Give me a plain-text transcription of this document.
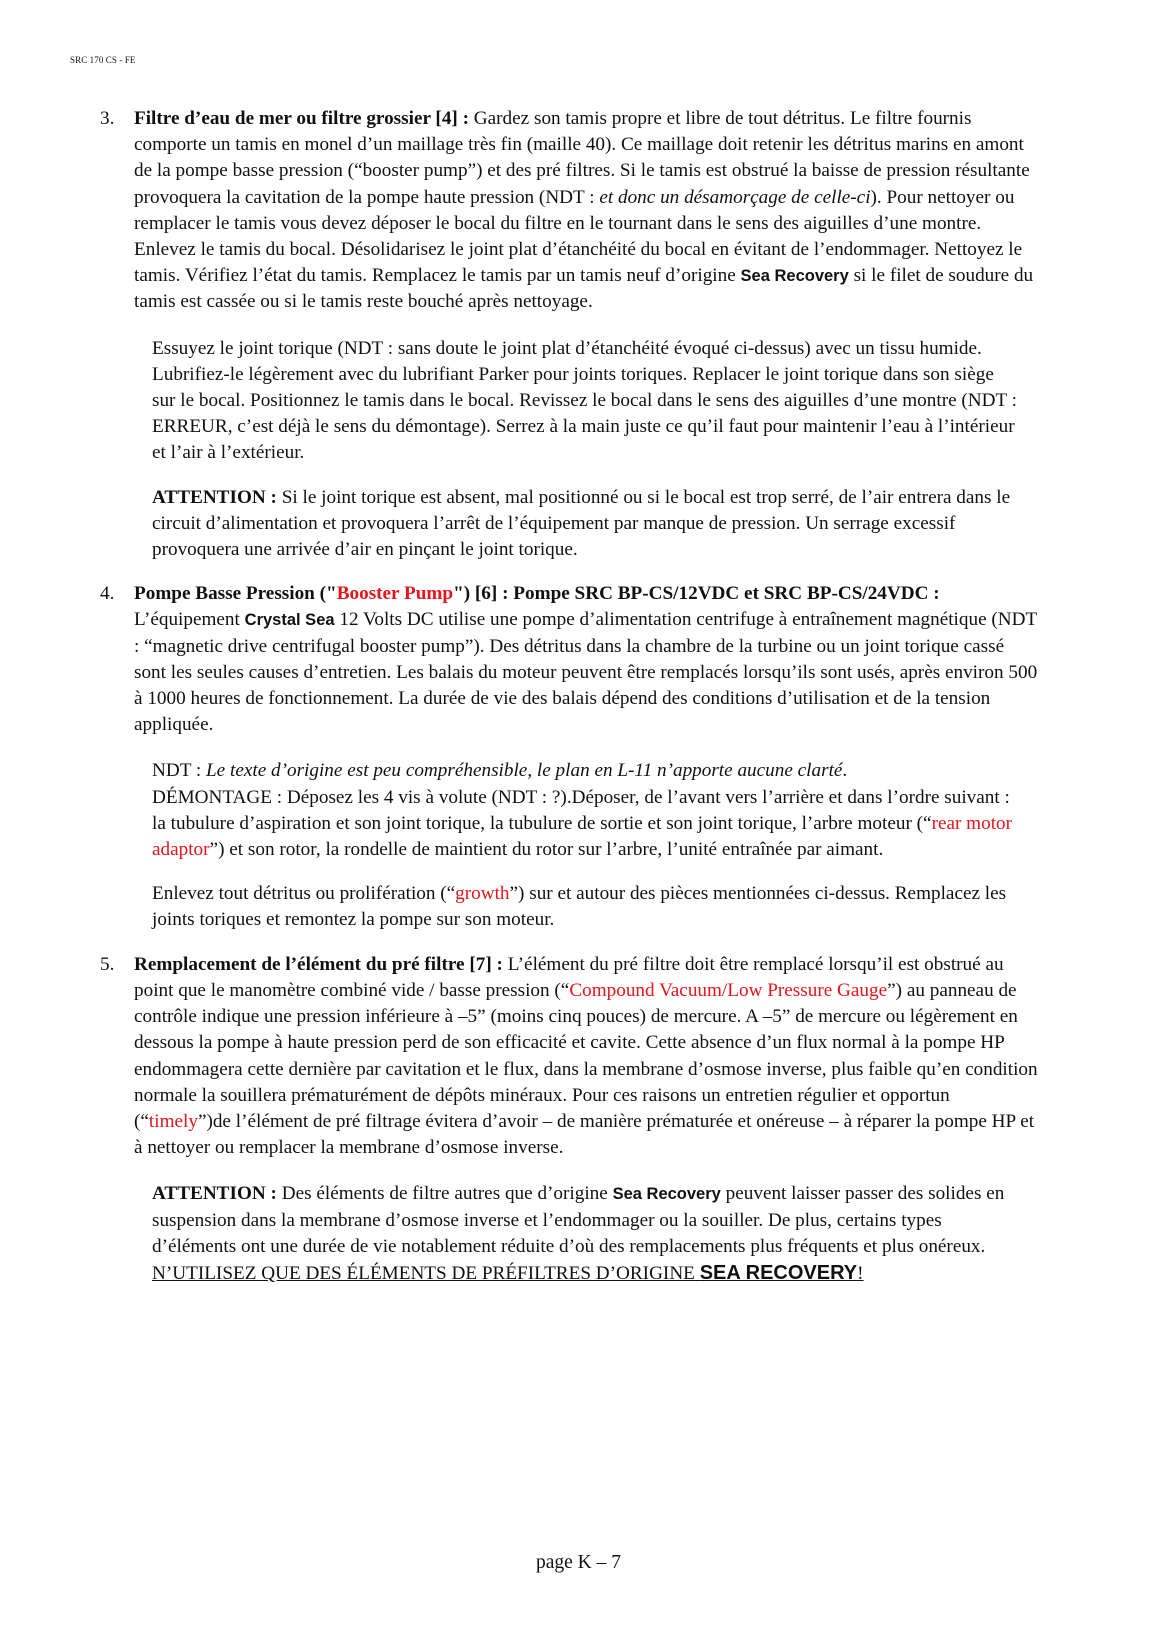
SRC 170 CS - FE
3. Filtre d’eau de mer ou filtre grossier [4] : Gardez son tamis propre et libre de tout détritus. Le filtre fournis comporte un tamis en monel d’un maillage très fin (maille 40). Ce maillage doit retenir les détritus marins en amont de la pompe basse pression (“booster pump”) et des pré filtres. Si le tamis est obstrué la baisse de pression résultante provoquera la cavitation de la pompe haute pression (NDT : et donc un désamorçage de celle-ci). Pour nettoyer ou remplacer le tamis vous devez déposer le bocal du filtre en le tournant dans le sens des aiguilles d’une montre. Enlevez le tamis du bocal. Désolidarisez le joint plat d’étanchéité du bocal en évitant de l’endommager. Nettoyez le tamis. Vérifiez l’état du tamis. Remplacez le tamis par un tamis neuf d’origine Sea Recovery si le filet de soudure du tamis est cassée ou si le tamis reste bouché après nettoyage.

Essuyez le joint torique (NDT : sans doute le joint plat d’étanchéité évoqué ci-dessus) avec un tissu humide. Lubrifiez-le légèrement avec du lubrifiant Parker pour joints toriques. Replacer le joint torique dans son siège sur le bocal. Positionnez le tamis dans le bocal. Revissez le bocal dans le sens des aiguilles d’une montre (NDT : ERREUR, c’est déjà le sens du démontage). Serrez à la main juste ce qu’il faut pour maintenir l’eau à l’intérieur et l’air à l’extérieur.

ATTENTION : Si le joint torique est absent, mal positionné ou si le bocal est trop serré, de l’air entrera dans le circuit d’alimentation et provoquera l’arrêt de l’équipement par manque de pression. Un serrage excessif provoquera une arrivée d’air en pinçant le joint torique.

4. Pompe Basse Pression ("Booster Pump") [6] : Pompe SRC BP-CS/12VDC et SRC BP-CS/24VDC : L’équipement Crystal Sea 12 Volts DC utilise une pompe d’alimentation centrifuge à entraînement magnétique (NDT : “magnetic drive centrifugal booster pump”). Des détritus dans la chambre de la turbine ou un joint torique cassé sont les seules causes d’entretien. Les balais du moteur peuvent être remplacés lorsqu’ils sont usés, après environ 500 à 1000 heures de fonctionnement. La durée de vie des balais dépend des conditions d’utilisation et de la tension appliquée.

NDT : Le texte d’origine est peu compréhensible, le plan en L-11 n’apporte aucune clarté.
DÉMONTAGE : Déposez les 4 vis à volute (NDT : ?).Déposer, de l’avant vers l’arrière et dans l’ordre suivant : la tubulure d’aspiration et son joint torique, la tubulure de sortie et son joint torique, l’arbre moteur (“rear motor adaptor”) et son rotor, la rondelle de maintient du rotor sur l’arbre, l’unité entraînée par aimant.

Enlevez tout détritus ou prolifération (“growth”) sur et autour des pièces mentionnées ci-dessus. Remplacez les joints toriques et remontez la pompe sur son moteur.

5. Remplacement de l’élément du pré filtre [7] : L’élément du pré filtre doit être remplacé lorsqu’il est obstrué au point que le manomètre combiné vide / basse pression (“Compound Vacuum/Low Pressure Gauge”) au panneau de contrôle indique une pression inférieure à –5” (moins cinq pouces) de mercure. A –5” de mercure ou légèrement en dessous la pompe à haute pression perd de son efficacité et cavite. Cette absence d’un flux normal à la pompe HP endommagera cette dernière par cavitation et le flux, dans la membrane d’osmose inverse, plus faible qu’en condition normale la souillera prématurément de dépôts minéraux. Pour ces raisons un entretien régulier et opportun (“timely”)de l’élément de pré filtrage évitera d’avoir – de manière prématurée et onéreuse – à réparer la pompe HP et à nettoyer ou remplacer la membrane d’osmose inverse.

ATTENTION : Des éléments de filtre autres que d’origine Sea Recovery peuvent laisser passer des solides en suspension dans la membrane d’osmose inverse et l’endommager ou la souiller. De plus, certains types d’éléments ont une durée de vie notablement réduite d’où des remplacements plus fréquents et plus onéreux. N’UTILISEZ QUE DES ÉLÉMENTS DE PRÉFILTRES D’ORIGINE SEA RECOVERY!

page K – 7
